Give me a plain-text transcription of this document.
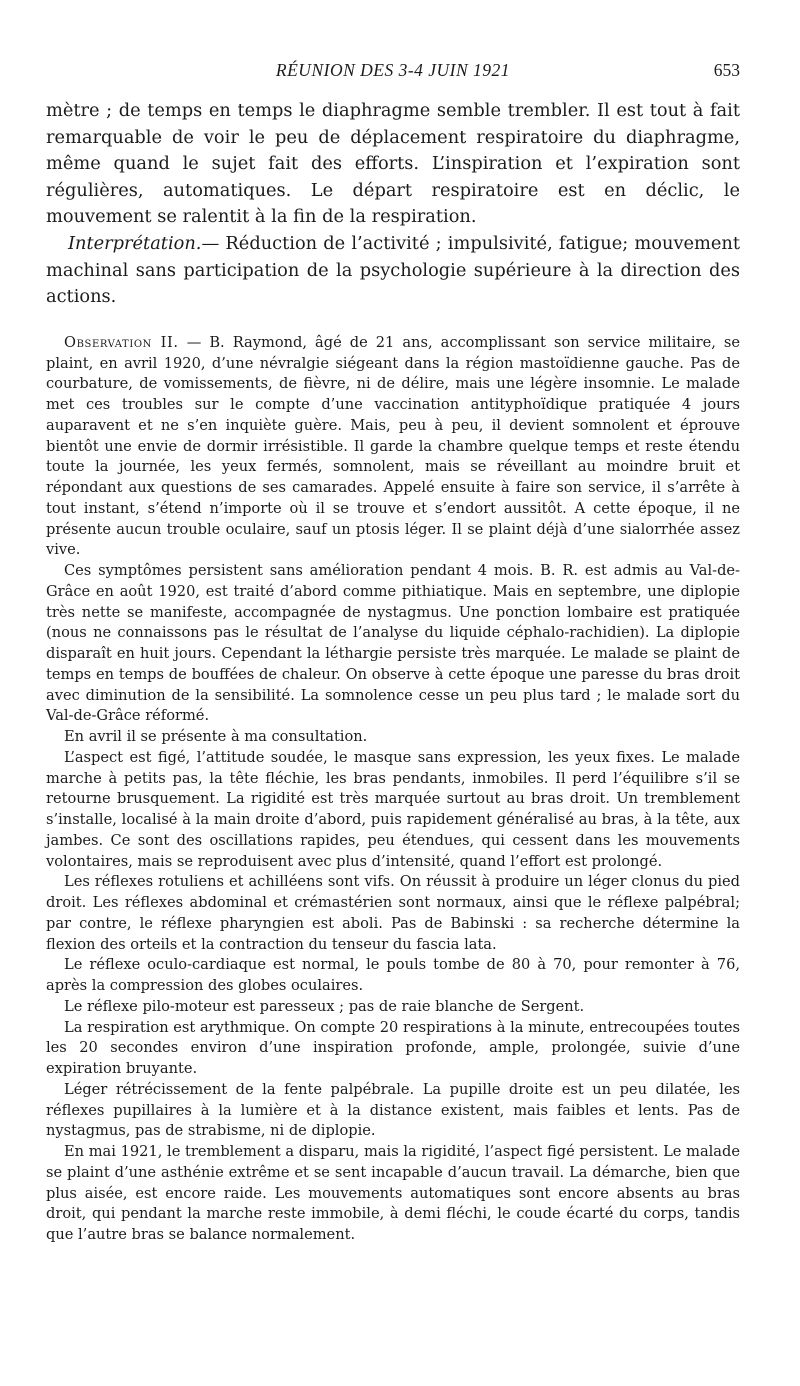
RÉUNION DES 3-4 JUIN 1921	653

mètre ; de temps en temps le diaphragme semble trembler. Il est tout à fait remarquable de voir le peu de déplacement respiratoire du diaphragme, même quand le sujet fait des efforts. L’inspiration et l’expiration sont régulières, automatiques. Le départ respiratoire est en déclic, le mouvement se ralentit à la fin de la respiration.

Interprétation.— Réduction de l’activité ; impulsivité, fatigue; mouvement machinal sans participation de la psychologie supérieure à la direction des actions.

Observation II. — B. Raymond, âgé de 21 ans, accomplissant son service militaire, se plaint, en avril 1920, d’une névralgie siégeant dans la région mastoïdienne gauche. Pas de courbature, de vomissements, de fièvre, ni de délire, mais une légère insomnie. Le malade met ces troubles sur le compte d’une vaccination antityphoïdique pratiquée 4 jours auparavent et ne s’en inquiète guère. Mais, peu à peu, il devient somnolent et éprouve bientôt une envie de dormir irrésistible. Il garde la chambre quelque temps et reste étendu toute la journée, les yeux fermés, somnolent, mais se réveillant au moindre bruit et répondant aux questions de ses camarades. Appelé ensuite à faire son service, il s’arrête à tout instant, s’étend n’importe où il se trouve et s’endort aussitôt. A cette époque, il ne présente aucun trouble oculaire, sauf un ptosis léger. Il se plaint déjà d’une sialorrhée assez vive.

Ces symptômes persistent sans amélioration pendant 4 mois. B. R. est admis au Val-de-Grâce en août 1920, est traité d’abord comme pithiatique. Mais en septembre, une diplopie très nette se manifeste, accompagnée de nystagmus. Une ponction lombaire est pratiquée (nous ne connaissons pas le résultat de l’analyse du liquide céphalo-rachidien). La diplopie disparaît en huit jours. Cependant la léthargie persiste très marquée. Le malade se plaint de temps en temps de bouffées de chaleur. On observe à cette époque une paresse du bras droit avec diminution de la sensibilité. La somnolence cesse un peu plus tard ; le malade sort du Val-de-Grâce réformé.

En avril il se présente à ma consultation.

L’aspect est figé, l’attitude soudée, le masque sans expression, les yeux fixes. Le malade marche à petits pas, la tête fléchie, les bras pendants, inmobiles. Il perd l’équilibre s’il se retourne brusquement. La rigidité est très marquée surtout au bras droit. Un tremblement s’installe, localisé à la main droite d’abord, puis rapidement généralisé au bras, à la tête, aux jambes. Ce sont des oscillations rapides, peu étendues, qui cessent dans les mouvements volontaires, mais se reproduisent avec plus d’intensité, quand l’effort est prolongé.

Les réflexes rotuliens et achilléens sont vifs. On réussit à produire un léger clonus du pied droit. Les réflexes abdominal et crémastérien sont normaux, ainsi que le réflexe palpébral; par contre, le réflexe pharyngien est aboli. Pas de Babinski : sa recherche détermine la flexion des orteils et la contraction du tenseur du fascia lata.

Le réflexe oculo-cardiaque est normal, le pouls tombe de 80 à 70, pour remonter à 76, après la compression des globes oculaires.

Le réflexe pilo-moteur est paresseux ; pas de raie blanche de Sergent.

La respiration est arythmique. On compte 20 respirations à la minute, entrecoupées toutes les 20 secondes environ d’une inspiration profonde, ample, prolongée, suivie d’une expiration bruyante.

Léger rétrécissement de la fente palpébrale. La pupille droite est un peu dilatée, les réflexes pupillaires à la lumière et à la distance existent, mais faibles et lents. Pas de nystagmus, pas de strabisme, ni de diplopie.

En mai 1921, le tremblement a disparu, mais la rigidité, l’aspect figé persistent. Le malade se plaint d’une asthénie extrême et se sent incapable d’aucun travail. La démarche, bien que plus aisée, est encore raide. Les mouvements automatiques sont encore absents au bras droit, qui pendant la marche reste immobile, à demi fléchi, le coude écarté du corps, tandis que l’autre bras se balance normalement.
